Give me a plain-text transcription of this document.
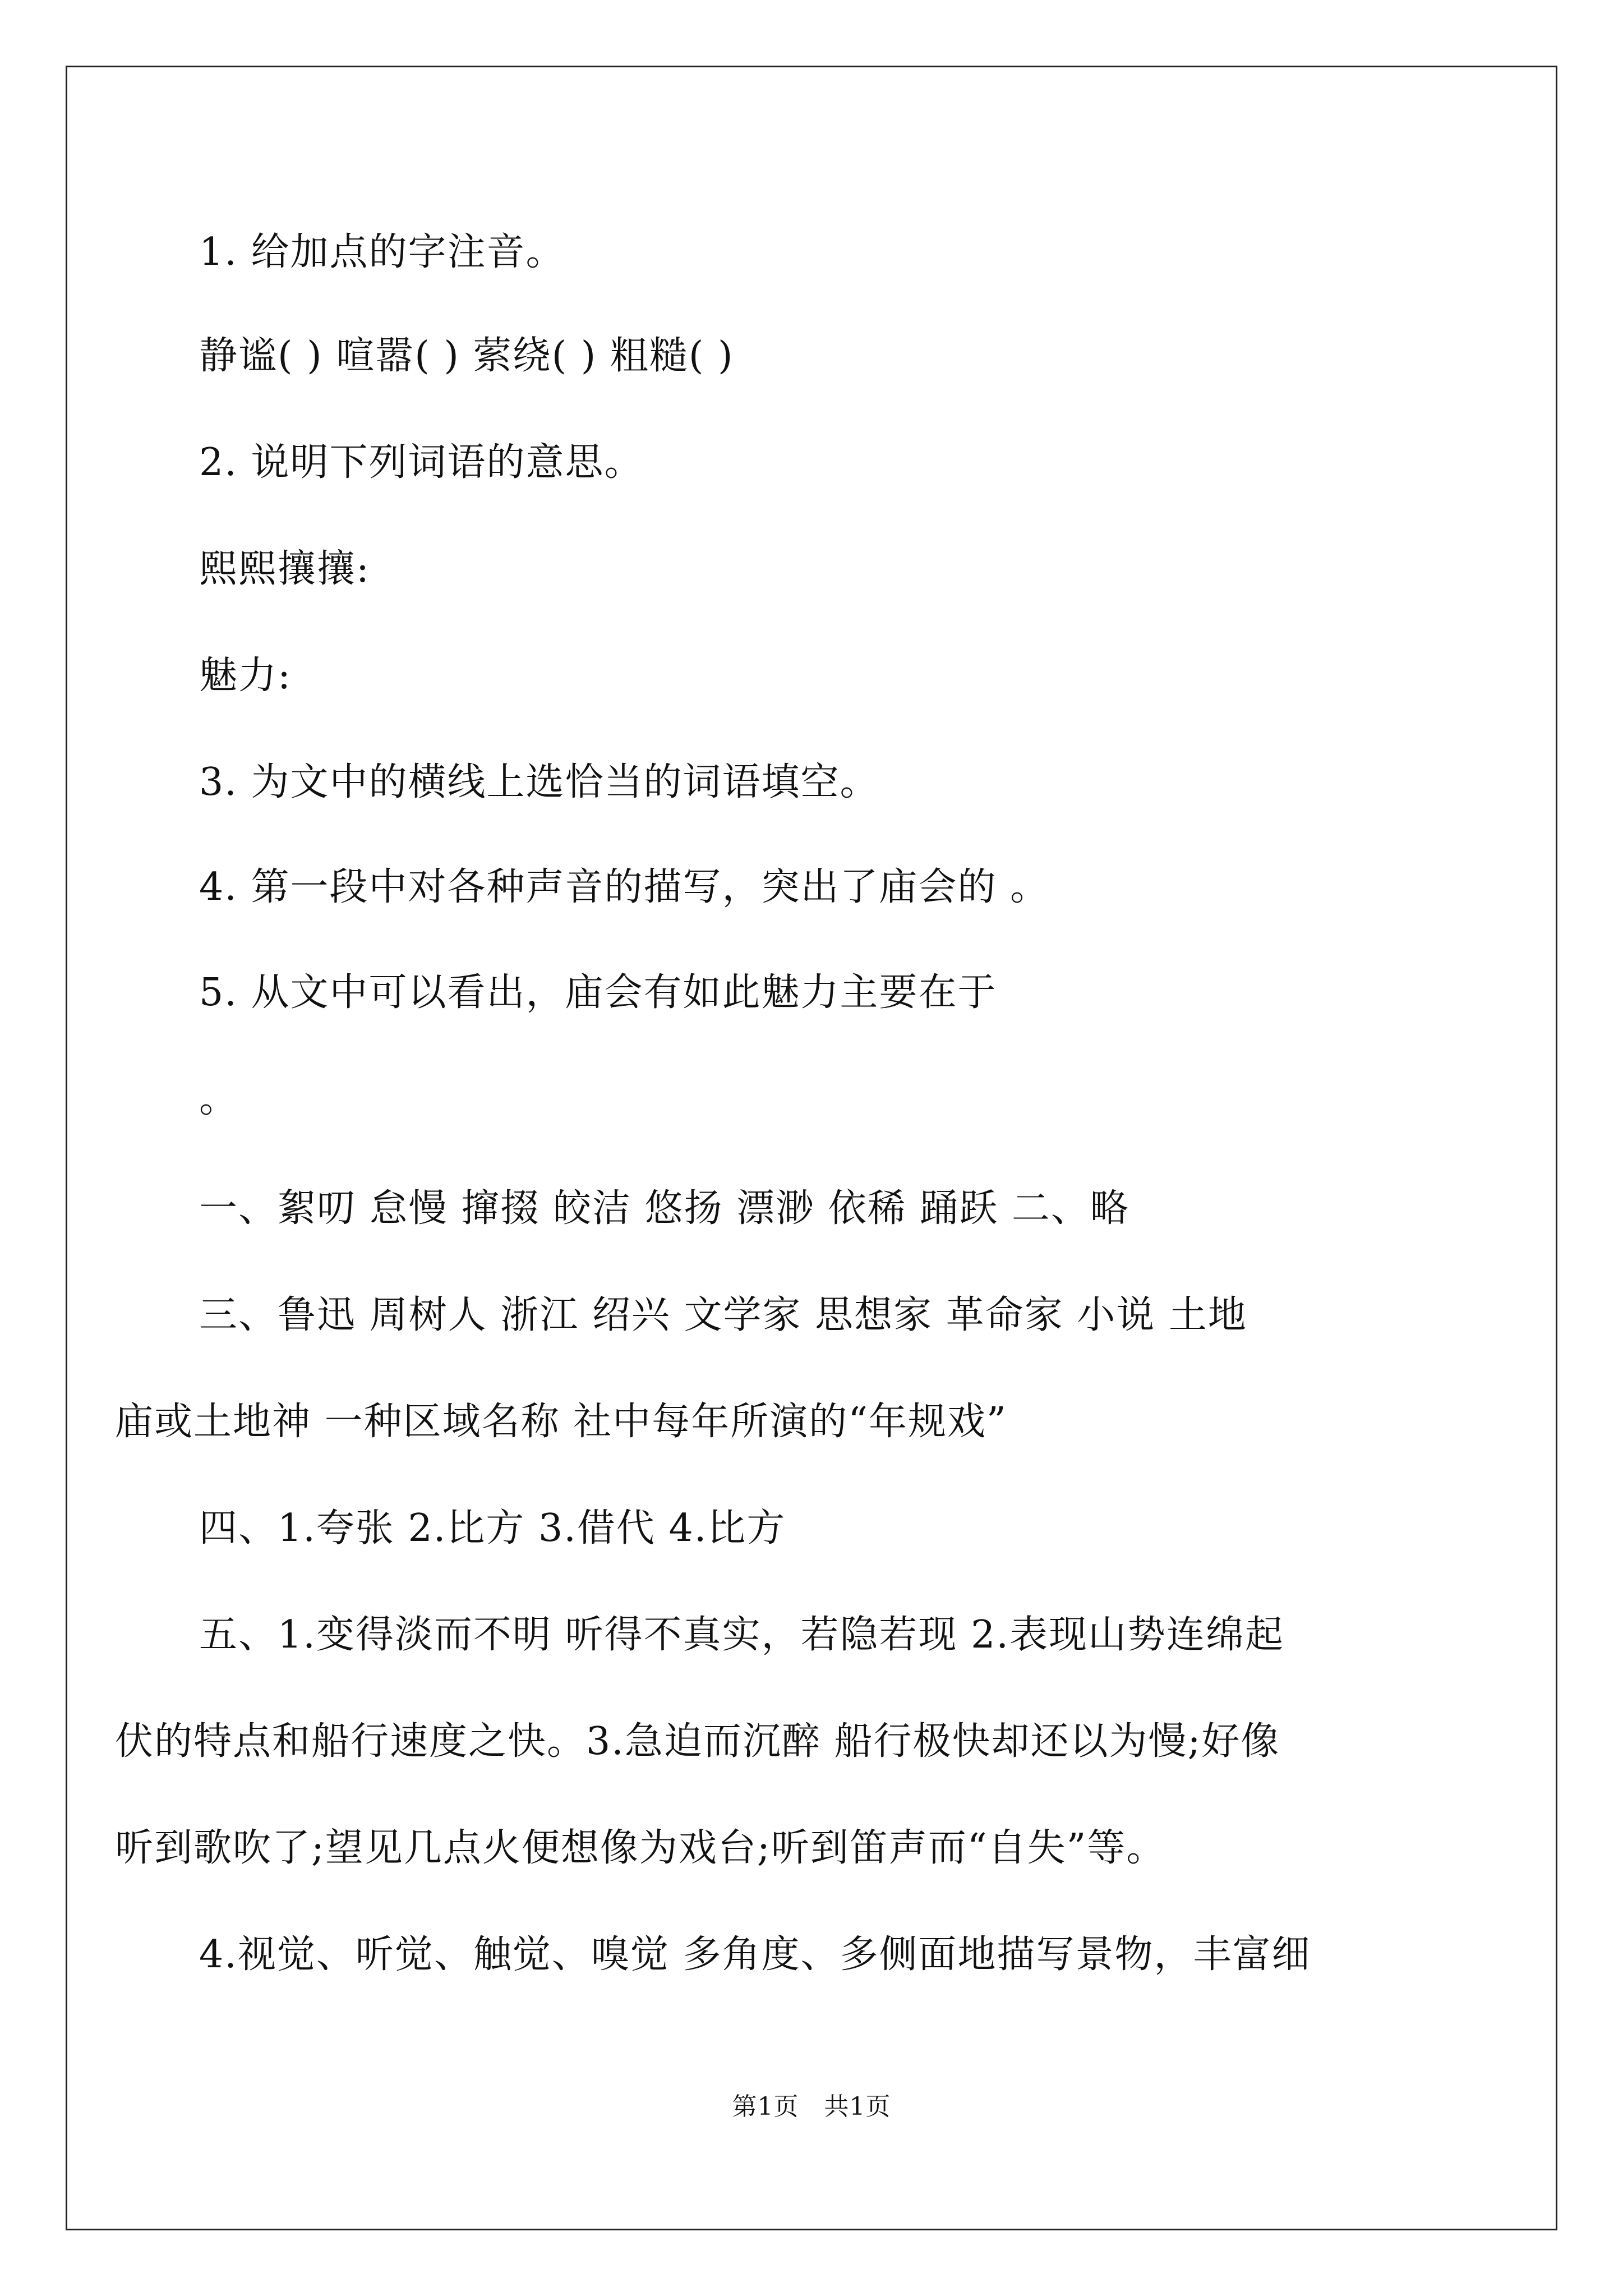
1. 给加点的字注音。
静谧( ) 喧嚣( ) 萦绕( ) 粗糙( )
2. 说明下列词语的意思。
熙熙攘攘:
魅力:
3. 为文中的横线上选恰当的词语填空。
4. 第一段中对各种声音的描写，突出了庙会的 。
5. 从文中可以看出，庙会有如此魅力主要在于
。
一、絮叨 怠慢 撺掇 皎洁 悠扬 漂渺 依稀 踊跃 二、略
三、鲁迅 周树人 浙江 绍兴 文学家 思想家 革命家 小说 土地
庙或土地神 一种区域名称 社中每年所演的“年规戏”
四、1.夸张 2.比方 3.借代 4.比方
五、1.变得淡而不明 听得不真实，若隐若现 2.表现山势连绵起
伏的特点和船行速度之快。3.急迫而沉醉 船行极快却还以为慢;好像
听到歌吹了;望见几点火便想像为戏台;听到笛声而“自失”等。
4.视觉、听觉、触觉、嗅觉 多角度、多侧面地描写景物，丰富细
第1页　共1页
